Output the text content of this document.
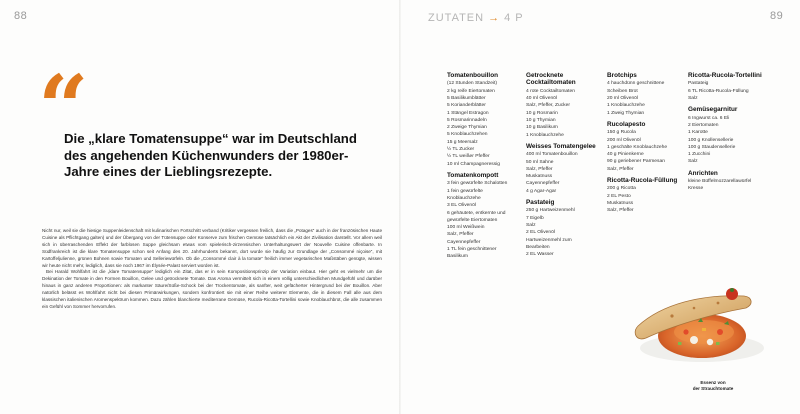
88	89
ZUTATEN → 4 P
“
Die „klare Tomatensuppe“ war im Deutschland des angehenden Küchenwunders der 1980er-Jahre eines der Lieblingsrezepte.

Nicht nur, weil sie die hiesige Suppenleidenschaft mit kulinarischen Fortschritt verband (Kritiker vergessen freilich, dass die „Potages“ auch in der französischen Haute Cuisine als Pflichtgang galten) und der Übergang von der Tütensuppe oder Konserve zum frischen Gemüse tatsächlich ein Akt der Zivilisation darstellt. Vor allem weil sich in überraschenden Effekt der farblosen Suppe gleichsam etwas vom spielerisch-zirzensischen Unterhaltungswert der Nouvelle Cuisine offenbarte. In Südfrankreich ist die klare Tomatensuppe schon seit Anfang des 20. Jahrhunderts bekannt, dort wurde sie häufig zur Grundlage der „Consommé niçoise“, mit Kartoffeljulienne, grünen Bohnen sowie Tomaten und Selleriewürfeln. Ob die „Consommé clair à la tomate“ freilich immer vegetarischen Maßstäben genügte, wissen wir heute nicht mehr, lediglich, dass sie noch 1967 im Élysée-Palast serviert worden ist.

Bei Harald Wohlfahrt ist die „klare Tomatensuppe“ lediglich ein Zitat, das er in sein Kompositionsprinzip der Variation einbaut. Hier geht es vielmehr um die Dekination der Tomate in den Formen Bouillon, Gelee und getrocknete Tomate. Das Aroma vermittelt sich in einem völlig unterschiedlichen Mundgefühl und darüber hinaus in ganz anderen Proportionen: als markanter Säure/Süße-Schock bei der Trockentomate, als sanfter, weit gefächerter Hintergrund bei der Bouillon. Aber natürlich belässt es Wohlfahrt nicht bei diesen Primärwirkungen, sondern konfrontiert sie mit einer Reihe weiterer Elemente, die in diesem Fall alle aus dem klassischen italienischen Aromenspektrum kommen. Dazu zählen blanchierte mediterrane Gemüse, Rucola-Ricotta-Tortellini sowie Knoblauchbrot, die alle zusammen ein Gefühl von Sommer hervorrufen.

Tomatenbouillon
(12 Stunden Standzeit)
2 kg reife Eiertomaten
5 Basilikumblätter
5 Korianderblätter
1 Stängel Estragon
5 Rosmarinnadeln
2 Zweige Thymian
5 Knoblauchzehen
15 g Meersalz
½ TL Zucker
½ TL weißer Pfeffer
10 ml Champagneressig
Tomatenkompott
3 fein gewürfelte Schalotten
1 fein gewürfelte
Knoblauchzehe
3 EL Olivenöl
6 gehäutete, entkernte und
gewürfelte Eiertomaten
100 ml Weißwein
Salz, Pfeffer
Cayennepfeffer
1 TL fein geschnittener
Basilikum
Getrocknete Cocktailtomaten
4 rote Cocktailtomaten
40 ml Olivenöl
Salz, Pfeffer, Zucker
10 g Rosmarin
10 g Thymian
10 g Basilikum
1 Knoblauchzehe
Weisses Tomatengelee
400 ml Tomatenbouillon
50 ml Sahne
Salz, Pfeffer
Muskatnuss
Cayennepfeffer
4 g Agar-Agar
Pastateig
250 g Hartweizenmehl
7 Eigelb
Salz
2 EL Olivenöl
Hartweizenmehl zum
Bearbeiten
2 EL Wasser
Brotchips
4 hauchdünn geschnittene
Scheiben Brot
20 ml Olivenöl
1 Knoblauchzehe
1 Zweig Thymian
Rucolapesto
150 g Rucola
200 ml Olivenöl
1 geschälte Knoblauchzehe
40 g Pinienkerne
90 g geriebener Parmesan
Salz, Pfeffer
Ricotta-Rucola-Füllung
200 g Ricotta
2 EL Pesto
Muskatnuss
Salz, Pfeffer
Ricotta-Rucola-Tortellini
Pastateig
6 TL Ricotta-Rucola-Füllung
Salz
Gemüsegarnitur
6 Ingwurst ca. 6 Eli
2 Eiertomaten
1 Karotte
100 g Knollensellerie
100 g Staudensellerie
1 Zucchini
Salz
Anrichten
kleine Büffelmozzarellawürfel
Kresse
Essenz von
der Strauchtomate
